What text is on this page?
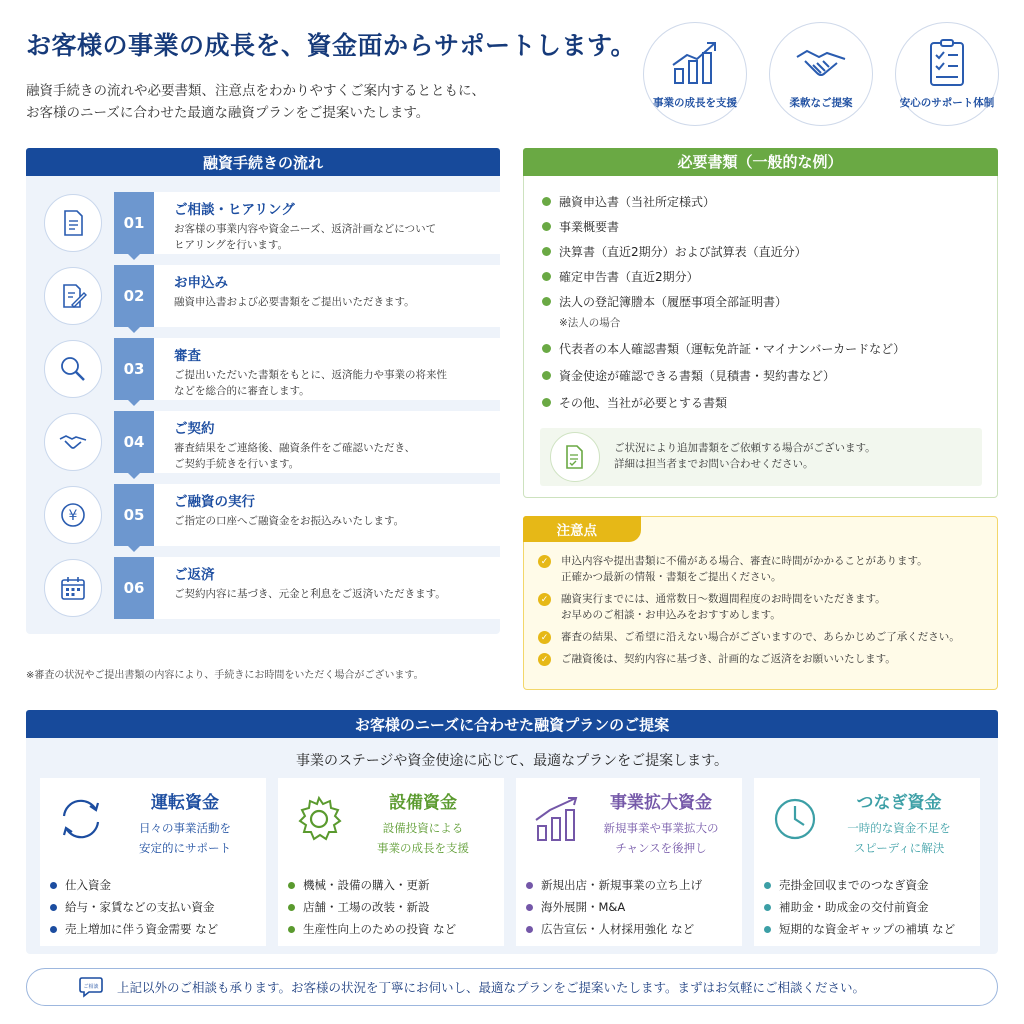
お客様の事業の成長を、資金面からサポートします。
融資手続きの流れや必要書類、注意点をわかりやすくご案内するとともに、
お客様のニーズに合わせた最適な融資プランをご提案いたします。
事業の成長を支援	柔軟なご提案	安心のサポート体制
融資手続きの流れ
01
ご相談・ヒアリング
お客様の事業内容や資金ニーズ、返済計画などについて
ヒアリングを行います。
02
お申込み
融資申込書および必要書類をご提出いただきます。
03
審査
ご提出いただいた書類をもとに、返済能力や事業の将来性
などを総合的に審査します。
04
ご契約
審査結果をご連絡後、融資条件をご確認いただき、
ご契約手続きを行います。
¥	05
ご融資の実行
ご指定の口座へご融資金をお振込みいたします。
06
ご返済
ご契約内容に基づき、元金と利息をご返済いただきます。
※審査の状況やご提出書類の内容により、手続きにお時間をいただく場合がございます。
必要書類（一般的な例）
融資申込書（当社所定様式）
事業概要書
決算書（直近2期分）および試算表（直近分）
確定申告書（直近2期分）
法人の登記簿謄本（履歴事項全部証明書）
※法人の場合
代表者の本人確認書類（運転免許証・マイナンバーカードなど）
資金使途が確認できる書類（見積書・契約書など）
その他、当社が必要とする書類
ご状況により追加書類をご依頼する場合がございます。
詳細は担当者までお問い合わせください。
注意点
✓ 申込内容や提出書類に不備がある場合、審査に時間がかかることがあります。
正確かつ最新の情報・書類をご提出ください。
✓ 融資実行までには、通常数日～数週間程度のお時間をいただきます。
お早めのご相談・お申込みをおすすめします。
✓ 審査の結果、ご希望に沿えない場合がございますので、あらかじめご了承ください。
✓ ご融資後は、契約内容に基づき、計画的なご返済をお願いいたします。
お客様のニーズに合わせた融資プランのご提案
事業のステージや資金使途に応じて、最適なプランをご提案します。
運転資金
日々の事業活動を
安定的にサポート
仕入資金
給与・家賃などの支払い資金
売上増加に伴う資金需要 など
設備資金
設備投資による
事業の成長を支援
機械・設備の購入・更新
店舗・工場の改装・新設
生産性向上のための投資 など
事業拡大資金
新規事業や事業拡大の
チャンスを後押し
新規出店・新規事業の立ち上げ
海外展開・M&A
広告宣伝・人材採用強化 など
つなぎ資金
一時的な資金不足を
スピーディに解決
売掛金回収までのつなぎ資金
補助金・助成金の交付前資金
短期的な資金ギャップの補填 など
ご相談 上記以外のご相談も承ります。お客様の状況を丁寧にお伺いし、最適なプランをご提案いたします。まずはお気軽にご相談ください。
